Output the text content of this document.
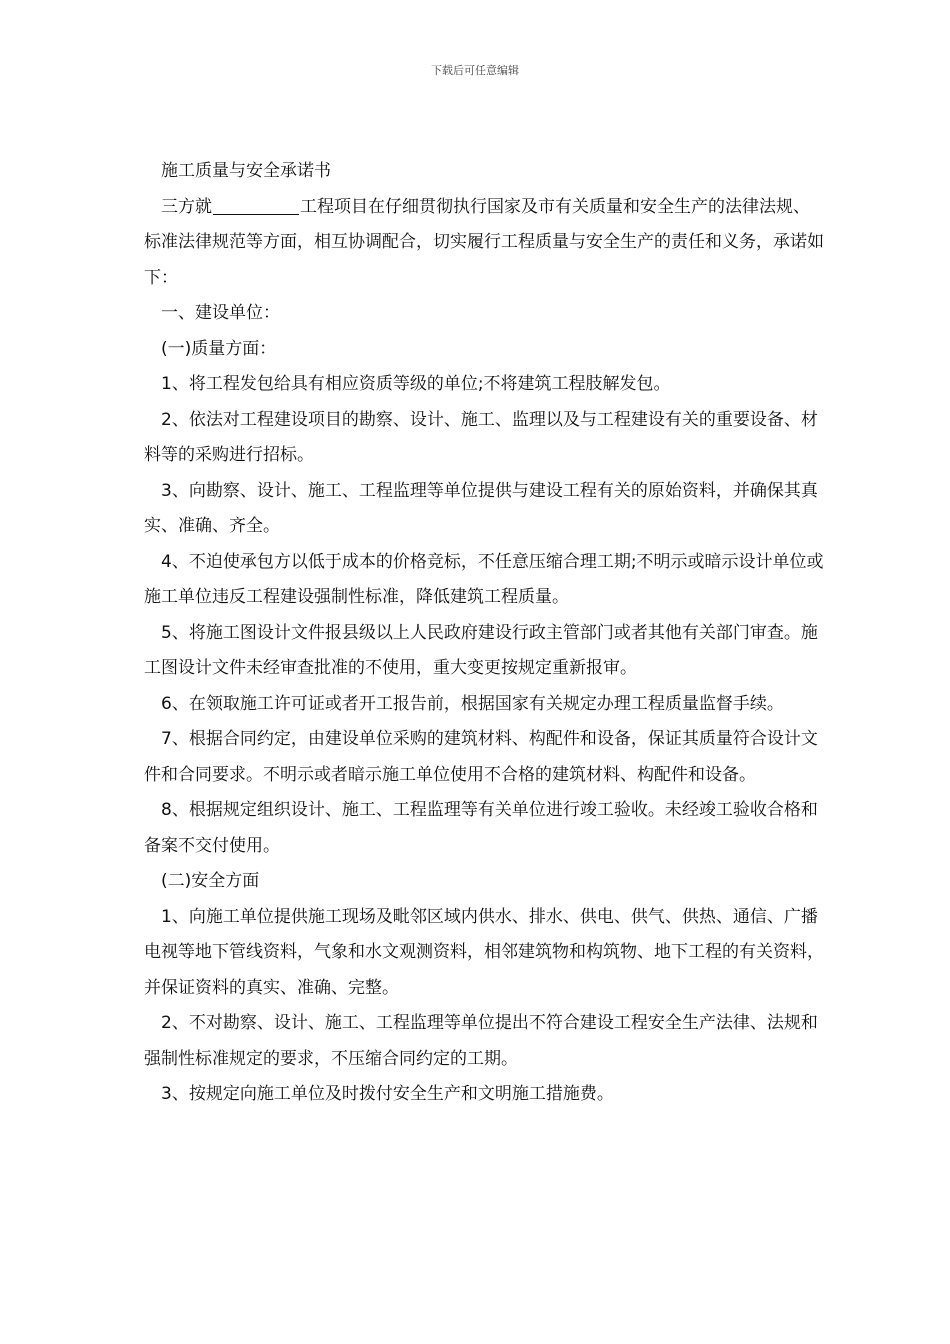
下载后可任意编辑

施工质量与安全承诺书

三方就	工程项目在仔细贯彻执行国家及市有关质量和安全生产的法律法规、标准法律规范等方面，相互协调配合，切实履行工程质量与安全生产的责任和义务，承诺如下：

一、建设单位：

(一)质量方面：

1、将工程发包给具有相应资质等级的单位;不将建筑工程肢解发包。

2、依法对工程建设项目的勘察、设计、施工、监理以及与工程建设有关的重要设备、材料等的采购进行招标。

3、向勘察、设计、施工、工程监理等单位提供与建设工程有关的原始资料，并确保其真实、准确、齐全。

4、不迫使承包方以低于成本的价格竞标，不任意压缩合理工期;不明示或暗示设计单位或施工单位违反工程建设强制性标准，降低建筑工程质量。

5、将施工图设计文件报县级以上人民政府建设行政主管部门或者其他有关部门审查。施工图设计文件未经审查批准的不使用，重大变更按规定重新报审。

6、在领取施工许可证或者开工报告前，根据国家有关规定办理工程质量监督手续。

7、根据合同约定，由建设单位采购的建筑材料、构配件和设备，保证其质量符合设计文件和合同要求。不明示或者暗示施工单位使用不合格的建筑材料、构配件和设备。

8、根据规定组织设计、施工、工程监理等有关单位进行竣工验收。未经竣工验收合格和备案不交付使用。

(二)安全方面

1、向施工单位提供施工现场及毗邻区域内供水、排水、供电、供气、供热、通信、广播电视等地下管线资料，气象和水文观测资料，相邻建筑物和构筑物、地下工程的有关资料，并保证资料的真实、准确、完整。

2、不对勘察、设计、施工、工程监理等单位提出不符合建设工程安全生产法律、法规和强制性标准规定的要求，不压缩合同约定的工期。

3、按规定向施工单位及时拨付安全生产和文明施工措施费。
